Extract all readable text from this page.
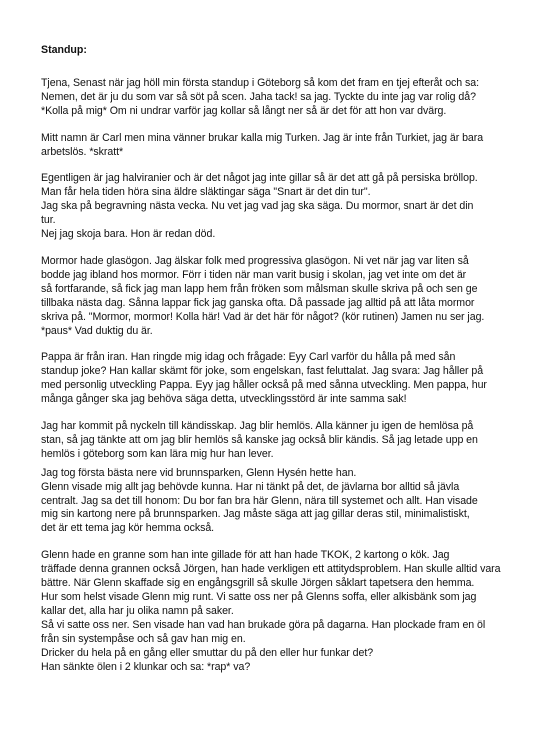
Standup:
Tjena, Senast när jag höll min första standup i Göteborg så kom det fram en tjej efteråt och sa:
Nemen, det är ju du som var så söt på scen. Jaha tack! sa jag. Tyckte du inte jag var rolig då?
*Kolla på mig* Om ni undrar varför jag kollar så långt ner så är det för att hon var dvärg.
Mitt namn är Carl men mina vänner brukar kalla mig Turken. Jag är inte från Turkiet, jag är bara
arbetslös. *skratt*
Egentligen är jag halviranier och är det något jag inte gillar så är det att gå på persiska bröllop.
Man får hela tiden höra sina äldre släktingar säga "Snart är det din tur".
Jag ska på begravning nästa vecka. Nu vet jag vad jag ska säga. Du mormor, snart är det din
tur.
Nej jag skoja bara. Hon är redan död.
Mormor hade glasögon. Jag älskar folk med progressiva glasögon. Ni vet när jag var liten så
bodde jag ibland hos mormor. Förr i tiden när man varit busig i skolan, jag vet inte om det är
så fortfarande, så fick jag man lapp hem från fröken som målsman skulle skriva på och sen ge
tillbaka nästa dag. Sånna lappar fick jag ganska ofta. Då passade jag alltid på att låta mormor
skriva på. "Mormor, mormor! Kolla här! Vad är det här för något? (kör rutinen) Jamen nu ser jag.
*paus* Vad duktig du är.
Pappa är från iran. Han ringde mig idag och frågade: Eyy Carl varför du hålla på med sån
standup joke? Han kallar skämt för joke, som engelskan, fast feluttalat. Jag svara: Jag håller på
med personlig utveckling Pappa. Eyy jag håller också på med sånna utveckling. Men pappa, hur
många gånger ska jag behöva säga detta, utvecklingsstörd är inte samma sak!
Jag har kommit på nyckeln till kändisskap. Jag blir hemlös. Alla känner ju igen de hemlösa på
stan, så jag tänkte att om jag blir hemlös så kanske jag också blir kändis. Så jag letade upp en
hemlös i göteborg som kan lära mig hur han lever.
Jag tog första bästa nere vid brunnsparken, Glenn Hysén hette han.
Glenn visade mig allt jag behövde kunna. Har ni tänkt på det, de jävlarna bor alltid så jävla
centralt. Jag sa det till honom: Du bor fan bra här Glenn, nära till systemet och allt. Han visade
mig sin kartong nere på brunnsparken. Jag måste säga att jag gillar deras stil, minimalistiskt,
det är ett tema jag kör hemma också.
Glenn hade en granne som han inte gillade för att han hade TKOK, 2 kartong o kök. Jag
träffade denna grannen också Jörgen, han hade verkligen ett attitydsproblem. Han skulle alltid vara
bättre. När Glenn skaffade sig en engångsgrill så skulle Jörgen såklart tapetsera den hemma.
Hur som helst visade Glenn mig runt. Vi satte oss ner på Glenns soffa, eller alkisbänk som jag
kallar det, alla har ju olika namn på saker.
Så vi satte oss ner. Sen visade han vad han brukade göra på dagarna. Han plockade fram en öl
från sin systempåse och så gav han mig en.
Dricker du hela på en gång eller smuttar du på den eller hur funkar det?
Han sänkte ölen i 2 klunkar och sa: *rap* va?
